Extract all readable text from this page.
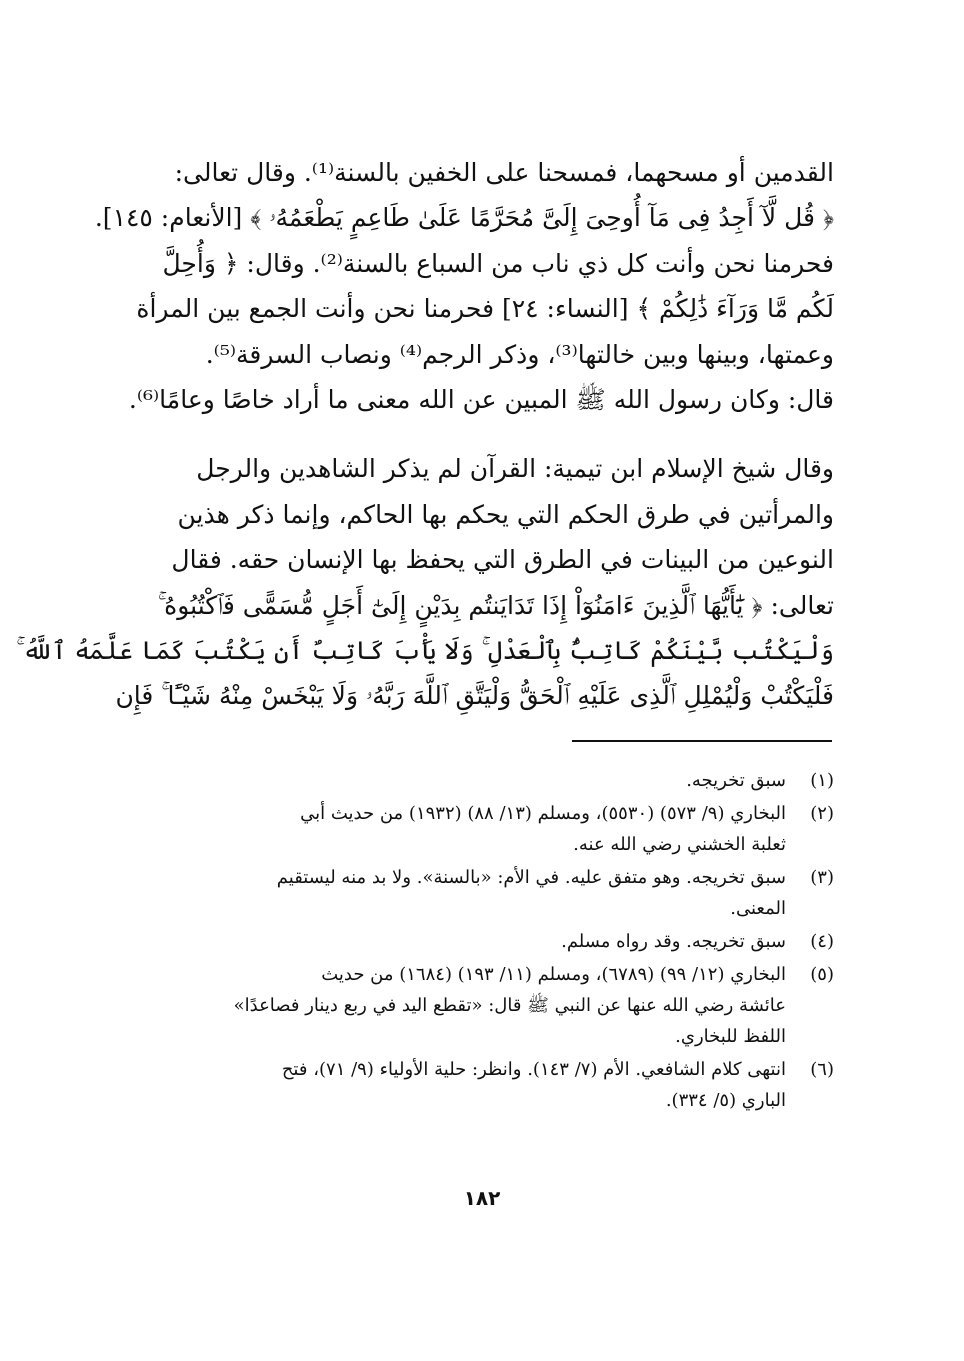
القدمين أو مسحهما، فمسحنا على الخفين بالسنة⁽¹⁾. وقال تعالى:
﴿ قُل لَّآ أَجِدُ فِى مَآ أُوحِىَ إِلَىَّ مُحَرَّمًا عَلَىٰ طَاعِمٍ يَطْعَمُهُۥ ﴾ [الأنعام: ١٤٥].
فحرمنا نحن وأنت كل ذي ناب من السباع بالسنة⁽²⁾. وقال: ﴿ وَأُحِلَّ
لَكُم مَّا وَرَآءَ ذَٰلِكُمْ ﴾ [النساء: ٢٤] فحرمنا نحن وأنت الجمع بين المرأة
وعمتها، وبينها وبين خالتها⁽³⁾، وذكر الرجم⁽⁴⁾ ونصاب السرقة⁽⁵⁾.
قال: وكان رسول الله ﷺ المبين عن الله معنى ما أراد خاصًا وعامًا⁽⁶⁾.

وقال شيخ الإسلام ابن تيمية: القرآن لم يذكر الشاهدين والرجل
والمرأتين في طرق الحكم التي يحكم بها الحاكم، وإنما ذكر هذين
النوعين من البينات في الطرق التي يحفظ بها الإنسان حقه. فقال
تعالى: ﴿ يَٰٓأَيُّهَا ٱلَّذِينَ ءَامَنُوٓاْ إِذَا تَدَايَنتُم بِدَيْنٍ إِلَىٰٓ أَجَلٍ مُّسَمًّى فَٱكْتُبُوهُ ۚ
وَلْيَكْتُب بَّيْنَكُمْ كَاتِبٌۢ بِٱلْعَدْلِ ۚ وَلَا يَأْبَ كَاتِبٌ أَن يَكْتُبَ كَمَا عَلَّمَهُ ٱللَّهُ ۚ
فَلْيَكْتُبْ وَلْيُمْلِلِ ٱلَّذِى عَلَيْهِ ٱلْحَقُّ وَلْيَتَّقِ ٱللَّهَ رَبَّهُۥ وَلَا يَبْخَسْ مِنْهُ شَيْـًٔا ۚ فَإِن

(١)
سبق تخريجه.
(٢)
البخاري (٩/ ٥٧٣) (٥٥٣٠)، ومسلم (١٣/ ٨٨) (١٩٣٢) من حديث أبي
ثعلبة الخشني رضي الله عنه.
(٣)
سبق تخريجه. وهو متفق عليه. في الأم: «بالسنة». ولا بد منه ليستقيم
المعنى.
(٤)
سبق تخريجه. وقد رواه مسلم.
(٥)
البخاري (١٢/ ٩٩) (٦٧٨٩)، ومسلم (١١/ ١٩٣) (١٦٨٤) من حديث
عائشة رضي الله عنها عن النبي ﷺ قال: «تقطع اليد في ربع دينار فصاعدًا»
اللفظ للبخاري.
(٦)
انتهى كلام الشافعي. الأم (٧/ ١٤٣). وانظر: حلية الأولياء (٩/ ٧١)، فتح
الباري (٥/ ٣٣٤).
١٨٢
